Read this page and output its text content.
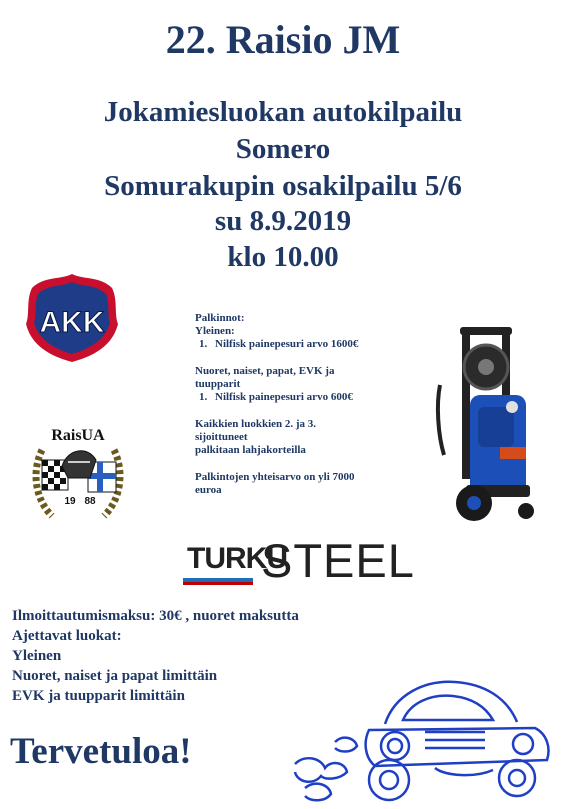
22. Raisio JM
Jokamiesluokan autokilpailu
Somero
Somurakupin osakilpailu 5/6
su 8.9.2019
klo 10.00
AKK
RaisUA
19 88
Palkinnot:
Yleinen:
1. Nilfisk painepesuri arvo 1600€
Nuoret, naiset, papat, EVK ja
tuupparit
1. Nilfisk painepesuri arvo 600€
Kaikkien luokkien 2. ja 3.
sijoittuneet
palkitaan lahjakorteilla
Palkintojen yhteisarvo on yli 7000
euroa
TURKU
STEEL
Ilmoittautumismaksu: 30€ , nuoret maksutta
Ajettavat luokat:
Yleinen
Nuoret, naiset ja papat limittäin
EVK ja tuupparit limittäin
Tervetuloa!
